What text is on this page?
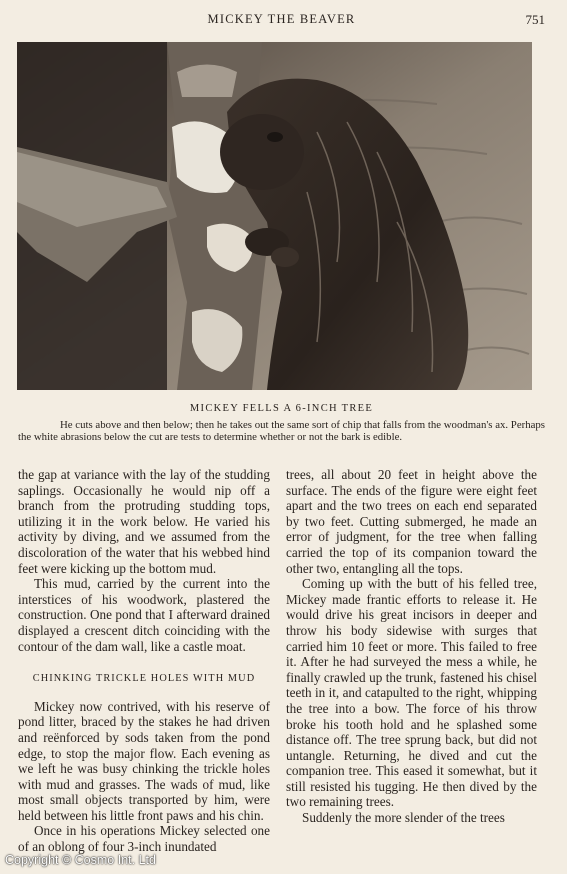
MICKEY THE BEAVER	751
MICKEY FELLS A 6-INCH TREE
He cuts above and then below; then he takes out the same sort of chip that falls from the woodman's ax. Perhaps the white abrasions below the cut are tests to determine whether or not the bark is edible.

the gap at variance with the lay of the studding saplings. Occasionally he would nip off a branch from the protruding studding tops, utilizing it in the work below. He varied his activity by diving, and we assumed from the discoloration of the water that his webbed hind feet were kicking up the bottom mud.

This mud, carried by the current into the interstices of his woodwork, plastered the construction. One pond that I afterward drained displayed a crescent ditch coinciding with the contour of the dam wall, like a castle moat.

CHINKING TRICKLE HOLES WITH MUD

Mickey now contrived, with his reserve of pond litter, braced by the stakes he had driven and reënforced by sods taken from the pond edge, to stop the major flow. Each evening as we left he was busy chinking the trickle holes with mud and grasses. The wads of mud, like most small objects transported by him, were held between his little front paws and his chin.

Once in his operations Mickey selected one of an oblong of four 3-inch inundated

trees, all about 20 feet in height above the surface. The ends of the figure were eight feet apart and the two trees on each end separated by two feet. Cutting submerged, he made an error of judgment, for the tree when falling carried the top of its companion toward the other two, entangling all the tops.

Coming up with the butt of his felled tree, Mickey made frantic efforts to release it. He would drive his great incisors in deeper and throw his body sidewise with surges that carried him 10 feet or more. This failed to free it. After he had surveyed the mess a while, he finally crawled up the trunk, fastened his chisel teeth in it, and catapulted to the right, whipping the tree into a bow. The force of his throw broke his tooth hold and he splashed some distance off. The tree sprung back, but did not untangle. Returning, he dived and cut the companion tree. This eased it somewhat, but it still resisted his tugging. He then dived by the two remaining trees.

Suddenly the more slender of the trees

Copyright © Cosmo Int. Ltd
